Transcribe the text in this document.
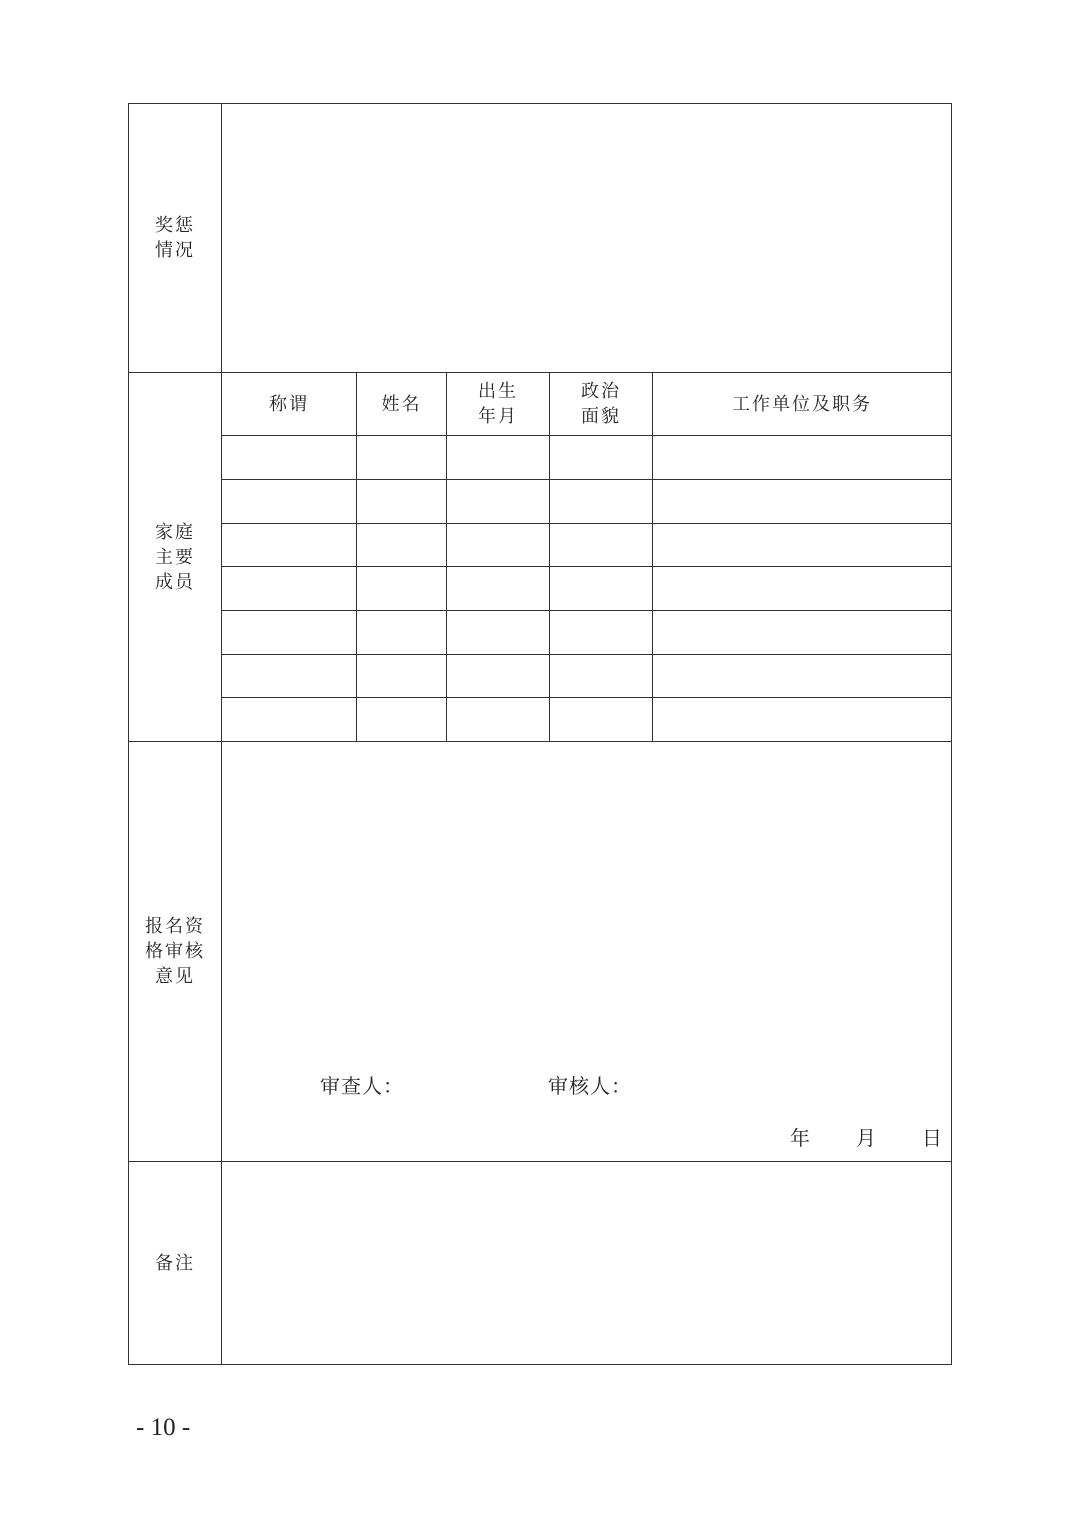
奖惩
情况
家庭
主要
成员
称谓	姓名
出生
年月
政治
面貌
工作单位及职务
报名资
格审核
意见
审查人：	审核人：
年 月 日
备注
- 10 -
